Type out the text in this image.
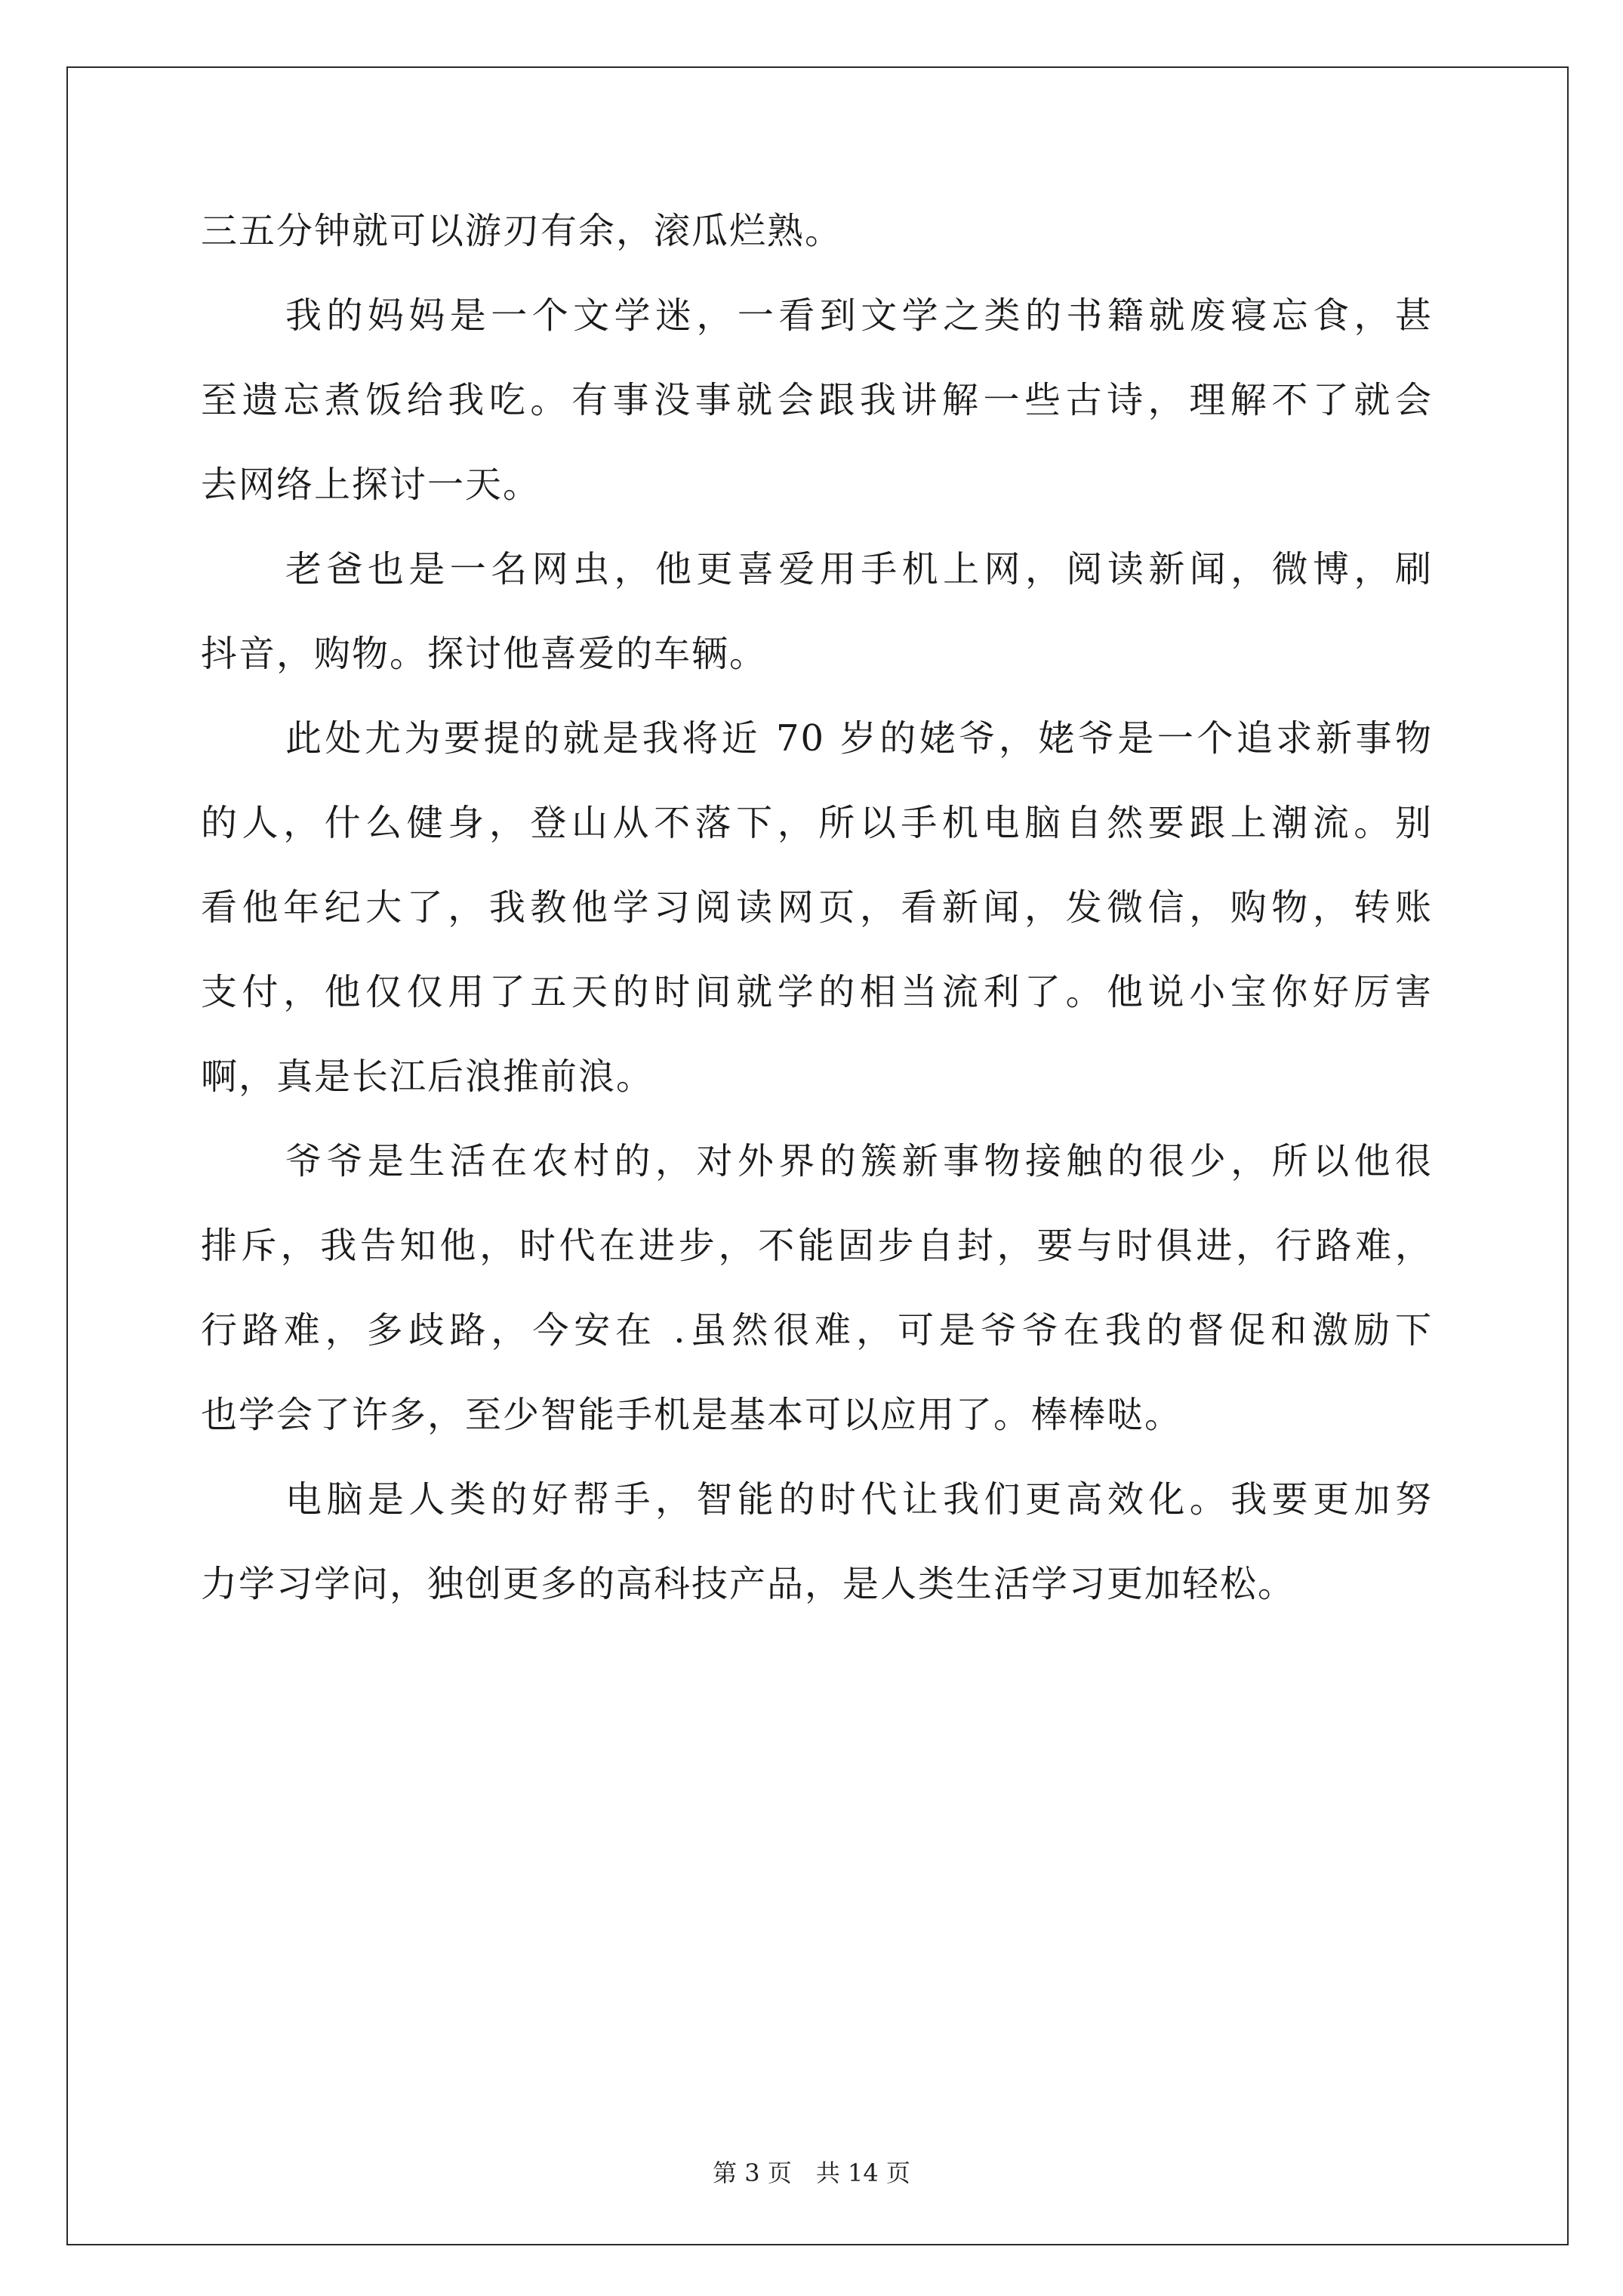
三五分钟就可以游刃有余，滚瓜烂熟。
我的妈妈是一个文学迷，一看到文学之类的书籍就废寝忘食，甚
至遗忘煮饭给我吃。有事没事就会跟我讲解一些古诗，理解不了就会
去网络上探讨一天。
老爸也是一名网虫，他更喜爱用手机上网，阅读新闻，微博，刷
抖音，购物。探讨他喜爱的车辆。
此处尤为要提的就是我将近 70 岁的姥爷，姥爷是一个追求新事物
的人，什么健身，登山从不落下，所以手机电脑自然要跟上潮流。别
看他年纪大了，我教他学习阅读网页，看新闻，发微信，购物，转账
支付，他仅仅用了五天的时间就学的相当流利了。他说小宝你好厉害
啊，真是长江后浪推前浪。
爷爷是生活在农村的，对外界的簇新事物接触的很少，所以他很
排斥，我告知他，时代在进步，不能固步自封，要与时俱进，行路难，
行路难，多歧路，今安在 .虽然很难，可是爷爷在我的督促和激励下
也学会了许多，至少智能手机是基本可以应用了。棒棒哒。
电脑是人类的好帮手，智能的时代让我们更高效化。我要更加努
力学习学问，独创更多的高科技产品，是人类生活学习更加轻松。
第 3 页　共 14 页
